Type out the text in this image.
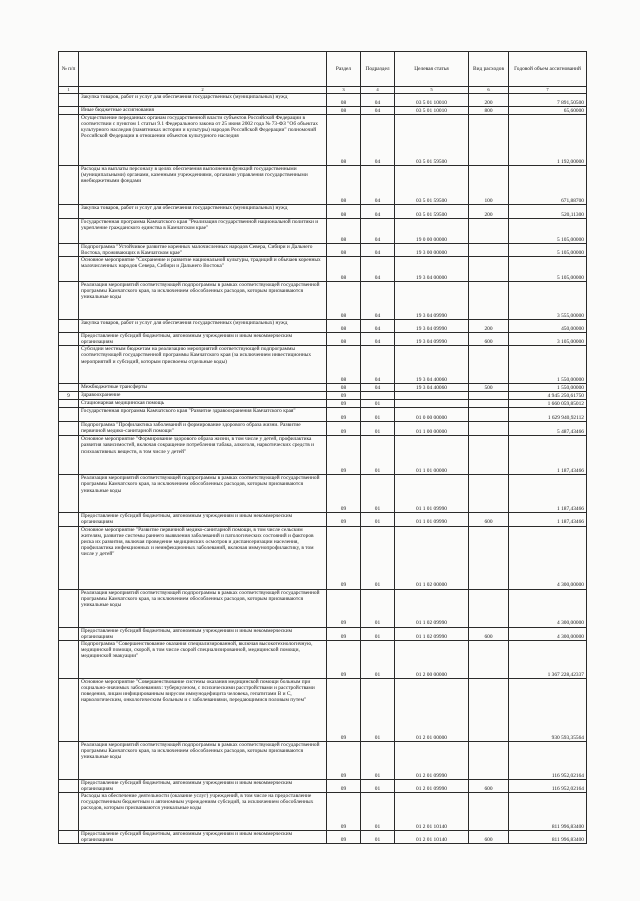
№ п/п		Раздел	Подраздел	Целевая статья	Вид расходов	Годовой объем ассигнований
1	2	3	4	5	6	7
	Закупка товаров, работ и услуг для обеспечения государственных (муниципальных) нужд	08	04	03 5 01 10010	200	7 891,50500
	Иные бюджетные ассигнования	08	04	03 5 01 10010	800	65,60000
	Осуществление переданных органам государственной власти субъектов Российской Федерации в соответствии с пунктом 1 статьи 9.1 Федерального закона от 25 июня 2002 года № 73-ФЗ "Об объектах культурного наследия (памятниках истории и культуры) народов Российской Федерации" полномочий Российской Федерации в отношении объектов культурного наследия	08	04	03 5 01 59500		1 192,00000
	Расходы на выплаты персоналу в целях обеспечения выполнения функций государственными (муниципальными) органами, казенными учреждениями, органами управления государственными внебюджетными фондами	08	04	03 5 01 59500	100	671,88700
	Закупка товаров, работ и услуг для обеспечения государственных (муниципальных) нужд	08	04	03 5 01 59500	200	520,11300
	Государственная программа Камчатского края "Реализация государственной национальной политики и укрепление гражданского единства в Камчатском крае"	08	04	19 0 00 00000		5 105,00000
	Подпрограмма "Устойчивое развитие коренных малочисленных народов Севера, Сибири и Дальнего Востока, проживающих в Камчатском крае"	08	04	19 3 00 00000		5 105,00000
	Основное мероприятие "Сохранение и развитие национальной культуры, традиций и обычаев коренных малочисленных народов Севера, Сибири и Дальнего Востока"	08	04	19 3 04 00000		5 105,00000
	Реализация мероприятий соответствующей подпрограммы в рамках соответствующей государственной программы Камчатского края, за исключением обособленных расходов, которым присваиваются уникальные коды	08	04	19 3 04 09990		3 555,00000
	Закупка товаров, работ и услуг для обеспечения государственных (муниципальных) нужд	08	04	19 3 04 09990	200	450,00000
	Предоставление субсидий бюджетным, автономным учреждениям и иным некоммерческим организациям	08	04	19 3 04 09990	600	3 105,00000
	Субсидии местным бюджетам на реализацию мероприятий соответствующей подпрограммы соответствующей государственной программы Камчатского края (за исключением инвестиционных мероприятий и субсидий, которым присвоены отдельные коды)	08	04	19 3 04 40060		1 550,00000
	Межбюджетные трансферты	08	04	19 3 04 40060	500	1 550,00000
9	Здравоохранение	09				4 945 250,61750
	Стационарная медицинская помощь	09	01			1 660 059,85012
	Государственная программа Камчатского края "Развитие здравоохранения Камчатского края"	09	01	01 0 00 00000		1 629 940,92112
	Подпрограмма "Профилактика заболеваний и формирование здорового образа жизни. Развитие первичной медико-санитарной помощи"	09	01	01 1 00 00000		5 487,43466
	Основное мероприятие "Формирование здорового образа жизни, в том числе у детей, профилактика развития зависимостей, включая сокращение потребления табака, алкоголя, наркотических средств и психоактивных веществ, в том числе у детей"	09	01	01 1 01 00000		1 187,43466
	Реализация мероприятий соответствующей подпрограммы в рамках соответствующей государственной программы Камчатского края, за исключением обособленных расходов, которым присваиваются уникальные коды	09	01	01 1 01 09990		1 187,43466
	Предоставление субсидий бюджетным, автономным учреждениям и иным некоммерческим организациям	09	01	01 1 01 09990	600	1 187,43466
	Основное мероприятие "Развитие первичной медико-санитарной помощи, в том числе сельским жителям, развитие системы раннего выявления заболеваний и патологических состояний и факторов риска их развития, включая проведение медицинских осмотров и диспансеризации населения, профилактика инфекционных и неинфекционных заболеваний, включая иммунопрофилактику, в том числе у детей"	09	01	01 1 02 00000		4 300,00000
	Реализация мероприятий соответствующей подпрограммы в рамках соответствующей государственной программы Камчатского края, за исключением обособленных расходов, которым присваиваются уникальные коды	09	01	01 1 02 09990		4 300,00000
	Предоставление субсидий бюджетным, автономным учреждениям и иным некоммерческим организациям	09	01	01 1 02 09990	600	4 300,00000
	Подпрограмма "Совершенствование оказания специализированной, включая высокотехнологичную, медицинской помощи, скорой, в том числе скорой специализированной, медицинской помощи, медицинской эвакуации"	09	01	01 2 00 00000		1 367 228,42337
	Основное мероприятие "Совершенствование системы оказания медицинской помощи больным при социально-значимых заболеваниях: туберкулезом, с психическими расстройствами и расстройствами поведения, лицам инфицированным вирусом иммунодефицита человека, гепатитами В и С, наркологическим, онкологическим больным и с заболеваниями, передающимися половым путем"	09	01	01 2 01 00000		930 593,35564
	Реализация мероприятий соответствующей подпрограммы в рамках соответствующей государственной программы Камчатского края, за исключением обособленных расходов, которым присваиваются уникальные коды	09	01	01 2 01 09990		116 952,02164
	Предоставление субсидий бюджетным, автономным учреждениям и иным некоммерческим организациям	09	01	01 2 01 09990	600	116 952,02164
	Расходы на обеспечение деятельности (оказание услуг) учреждений, в том числе на предоставление государственным бюджетным и автономным учреждениям субсидий, за исключением обособленных расходов, которым присваиваются уникальные коды	09	01	01 2 01 10140		811 996,83400
	Предоставление субсидий бюджетным, автономным учреждениям и иным некоммерческим организациям	09	01	01 2 01 10140	600	811 996,83400
